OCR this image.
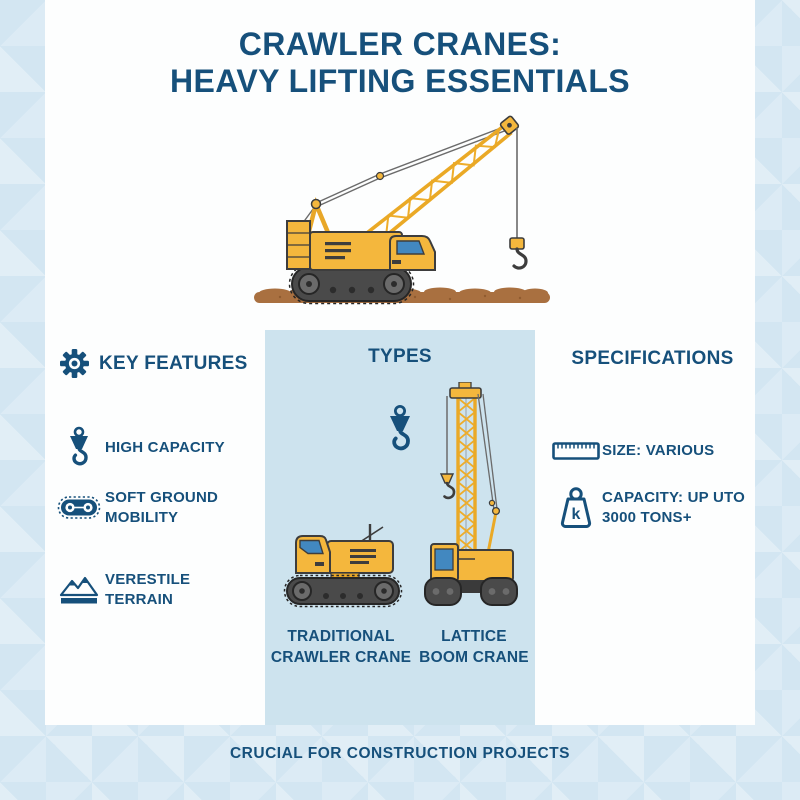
CRAWLER CRANES:
HEAVY LIFTING ESSENTIALS
KEY FEATURES
HIGH CAPACITY
SOFT GROUND MOBILITY
VERESTILE TERRAIN
TYPES
TRADITIONAL CRAWLER CRANE
LATTICE BOOM CRANE
SPECIFICATIONS
SIZE: VARIOUS
k
CAPACITY: UP UTO 3000 TONS+
CRUCIAL FOR CONSTRUCTION PROJECTS
